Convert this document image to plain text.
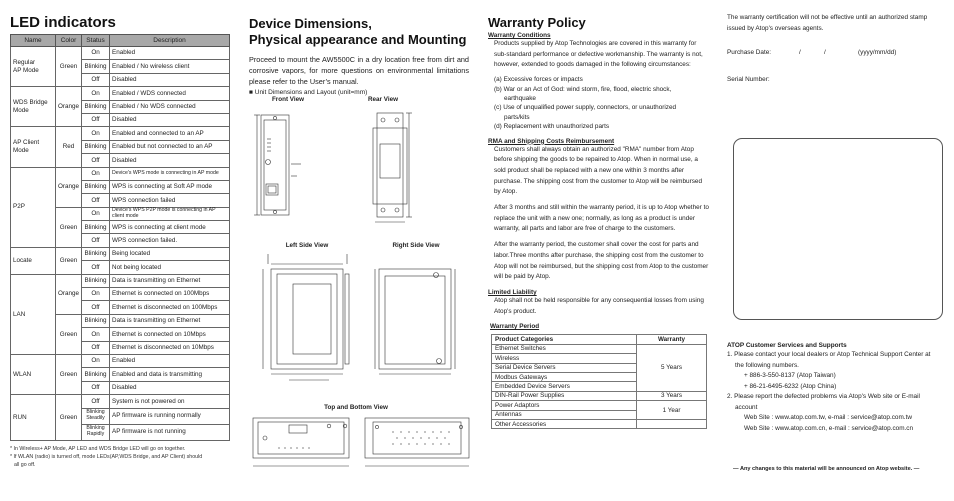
LED indicators
Name	Color	Status	Description
Regular
AP Mode	Green	On	Enabled
		Blinking	Enabled / No wireless client
		Off	Disabled
WDS Bridge
Mode	Orange	On	Enabled / WDS connected
		Blinking	Enabled / No WDS connected
		Off	Disabled
AP Client
Mode	Red	On	Enabled and connected to an AP
		Blinking	Enabled but not connected to an AP
		Off	Disabled
P2P	Orange	On	Device's WPS mode is connecting in AP mode
		Blinking	WPS is connecting at Soft AP mode
		Off	WPS connection failed
	Green	On	Device's WPS P2P mode is connecting in AP client mode
		Blinking	WPS is connecting at client mode
		Off	WPS connection failed.
Locate	Green	Blinking	Being located
		Off	Not being located
LAN	Orange	Blinking	Data is transmitting on Ethernet
		On	Ethernet is connected on 100Mbps
		Off	Ethernet is disconnected on 100Mbps
	Green	Blinking	Data is transmitting on Ethernet
		On	Ethernet is connected on 10Mbps
		Off	Ethernet is disconnected on 10Mbps
WLAN	Green	On	Enabled
		Blinking	Enabled and data is transmitting
		Off	Disabled
RUN	Green	Off	System is not powered on
		Blinking
Steadily	AP firmware is running normally
		Blinking
Rapidly	AP firmware is not running
* In Wireless+ AP Mode, AP LED and WDS Bridge LED will go on together.
* If WLAN (radio) is turned off, mode LEDs(AP,WDS Bridge, and AP Client) should
all go off.
Device Dimensions,
Physical appearance and Mounting

Proceed to mount the AW5500C in a dry location free from dirt and corrosive vapors, for more questions on environmental limitations please refer to the User’s manual.

■ Unit Dimensions and Layout (unit=mm)
Front View	Rear View
Left Side View	Right Side View
Top and Bottom View
Warranty Policy
Warranty Conditions
Products supplied by Atop Technologies are covered in this warranty for sub-standard performance or defective workmanship. The warranty is not, however, extended to goods damaged in the following circumstances:
(a) Excessive forces or impacts
(b) War or an Act of God: wind storm, fire, flood, electric shock,
earthquake
(c) Use of unqualified power supply, connectors, or unauthorized
parts/kits
(d) Replacement with unauthorized parts
RMA and Shipping Costs Reimbursement
Customers shall always obtain an authorized "RMA" number from Atop before shipping the goods to be repaired to Atop. When in normal use, a sold product shall be replaced with a new one within 3 months after purchase. The shipping cost from the customer to Atop will be reimbursed by Atop.
After 3 months and still within the warranty period, it is up to Atop whether to replace the unit with a new one; normally, as long as a product is under warranty, all parts and labor are free of charge to the customers.
After the warranty period, the customer shall cover the cost for parts and labor.Three months after purchase, the shipping cost from the customer to Atop will not be reimbursed, but the shipping cost from Atop to the customer will be paid by Atop.
Limited Liability
Atop shall not be held responsible for any consequential losses from using Atop's product.
Warranty Period
Product Categories	Warranty
Ethernet Switches	5 Years
Wireless	
Serial Device Servers	
Modbus Gateways	
Embedded Device Servers	
DIN-Rail Power Supplies	3 Years
Power Adaptors	1 Year
Antennas	
Other Accessories	
The warranty certification will not be effective until an authorized stamp issued by Atop's overseas agents.
Purchase Date:	/	/	(yyyy/mm/dd)
Serial Number:
ATOP Customer Services and Supports
1. Please contact your local dealers or Atop Technical Support Center at
the following numbers.
+ 886-3-550-8137 (Atop Taiwan)
+ 86-21-6495-6232 (Atop China)
2. Please report the defected problems via Atop's Web site or E-mail
account
Web Site : www.atop.com.tw, e-mail : service@atop.com.tw
Web Site : www.atop.com.cn, e-mail : service@atop.com.cn
— Any changes to this material will be announced on Atop website. —
